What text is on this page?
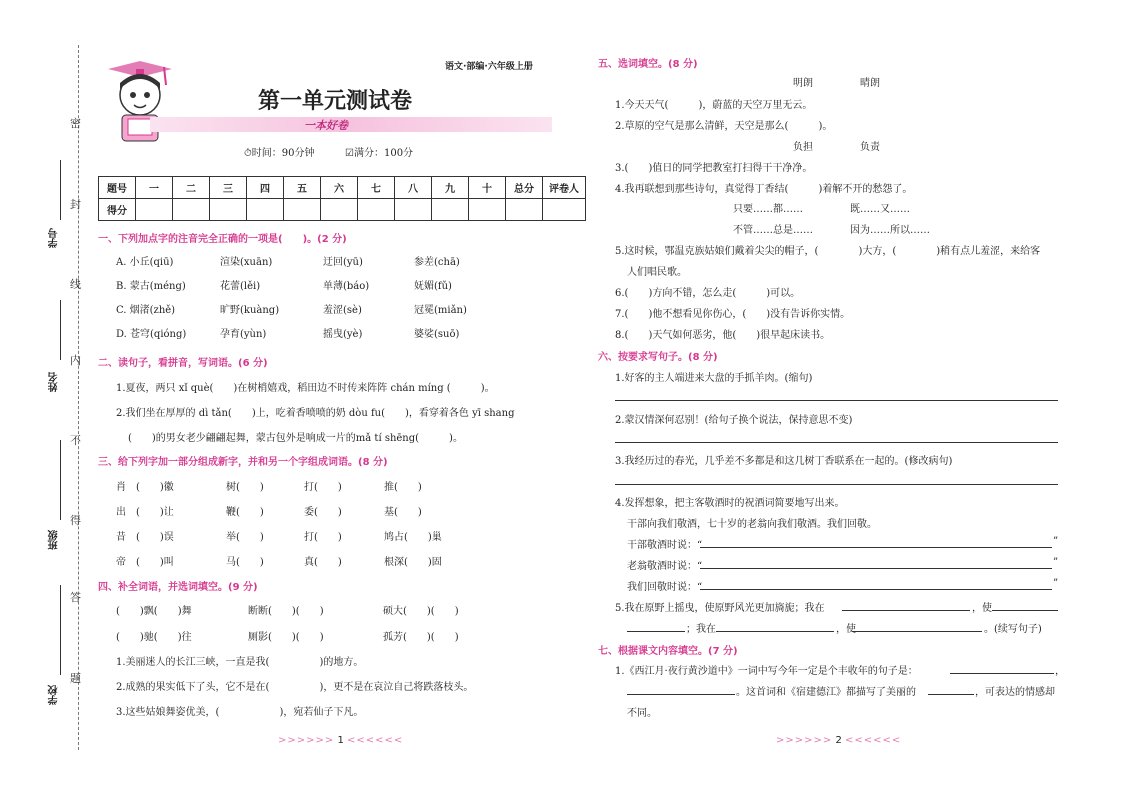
密
封
线
内
不
得
答
题
学号
姓名
班级
学校
语文·部编·六年级上册
第一单元测试卷
一本好卷
⏱时间：90分钟	☑满分：100分
题号	一	二	三	四	五	六	七	八	九	十	总分	评卷人
得分												
一、下列加点字的注音完全正确的一项是(　　)。(2 分)
A. 小丘(qiū)	渲染(xuān)	迂回(yū)	参差(chā)
B. 蒙古(méng)	花蕾(lěi)	单薄(báo)	妩媚(fǔ)
C. 烟渚(zhě)	旷野(kuàng)	羞涩(sè)	冠冕(miǎn)
D. 苍穹(qióng)	孕育(yùn)	摇曳(yè)	婆娑(suō)
二、读句子，看拼音，写词语。(6 分)
1.夏夜，两只 xǐ què(　　)在树梢嬉戏，稻田边不时传来阵阵 chán míng (　　　)。
2.我们坐在厚厚的 dì tǎn(　　)上，吃着香喷喷的奶 dòu fu(　　)，看穿着各色 yī shang
(　　)的男女老少翩翩起舞，蒙古包外是响成一片的mǎ tí shēng(　　　)。
三、给下列字加一部分组成新字，并和另一个字组成词语。(8 分)
肖　(　　)徽	树(　　)	打(　　)	推(　　)
出　(　　)让	鞭(　　)	委(　　)	基(　　)
昔　(　　)误	举(　　)	打(　　)	鸠占(　　)巢
帝　(　　)叫	马(　　)	真(　　)	根深(　　)固
四、补全词语，并选词填空。(9 分)
(　　)飘(　　)舞	断断(　　)(　　)	硕大(　　)(　　)
(　　)驰(　　)往	厕影(　　)(　　)	孤芳(　　)(　　)
1.美丽迷人的长江三峡，一直是我(　　　　　)的地方。
2.成熟的果实低下了头，它不是在(　　　　　)，更不是在哀泣自己将跌落枝头。
3.这些姑娘舞姿优美，(　　　　　　)，宛若仙子下凡。
>>>>>> 1 <<<<<<
五、选词填空。(8 分)
明朗	晴朗
1.今天天气(　　　)，蔚蓝的天空万里无云。
2.草原的空气是那么清鲜，天空是那么(　　　)。
负担	负责
3.(　　)值日的同学把教室打扫得干干净净。
4.我再联想到那些诗句，真觉得丁香结(　　　)着解不开的愁怨了。
只要……都……	既……又……
不管……总是……	因为……所以……
5.这时候，鄂温克族姑娘们戴着尖尖的帽子，(　　　　)大方，(　　　　)稍有点儿羞涩，来给客
人们唱民歌。
6.(　　)方向不错，怎么走(　　　)可以。
7.(　　)他不想看见你伤心，(　　)没有告诉你实情。
8.(　　)天气如何恶劣，他(　　)很早起床读书。
六、按要求写句子。(8 分)
1.好客的主人端进来大盘的手抓羊肉。(缩句)
2.蒙汉情深何忍别！(给句子换个说法，保持意思不变)
3.我经历过的春光，几乎差不多都是和这几树丁香联系在一起的。(修改病句)
4.发挥想象，把主客敬酒时的祝酒词简要地写出来。
干部向我们敬酒，七十岁的老翁向我们敬酒。我们回敬。
干部敬酒时说：“	”
老翁敬酒时说：“	”
我们回敬时说：“	”
5.我在原野上摇曳，使原野风光更加旖旎；我在	，使
；我在	，使	。(续写句子)
七、根据课文内容填空。(7 分)
1.《西江月·夜行黄沙道中》一词中写今年一定是个丰收年的句子是：	，
。这首词和《宿建德江》都描写了美丽的	，可表达的情感却
不同。
>>>>>> 2 <<<<<<
